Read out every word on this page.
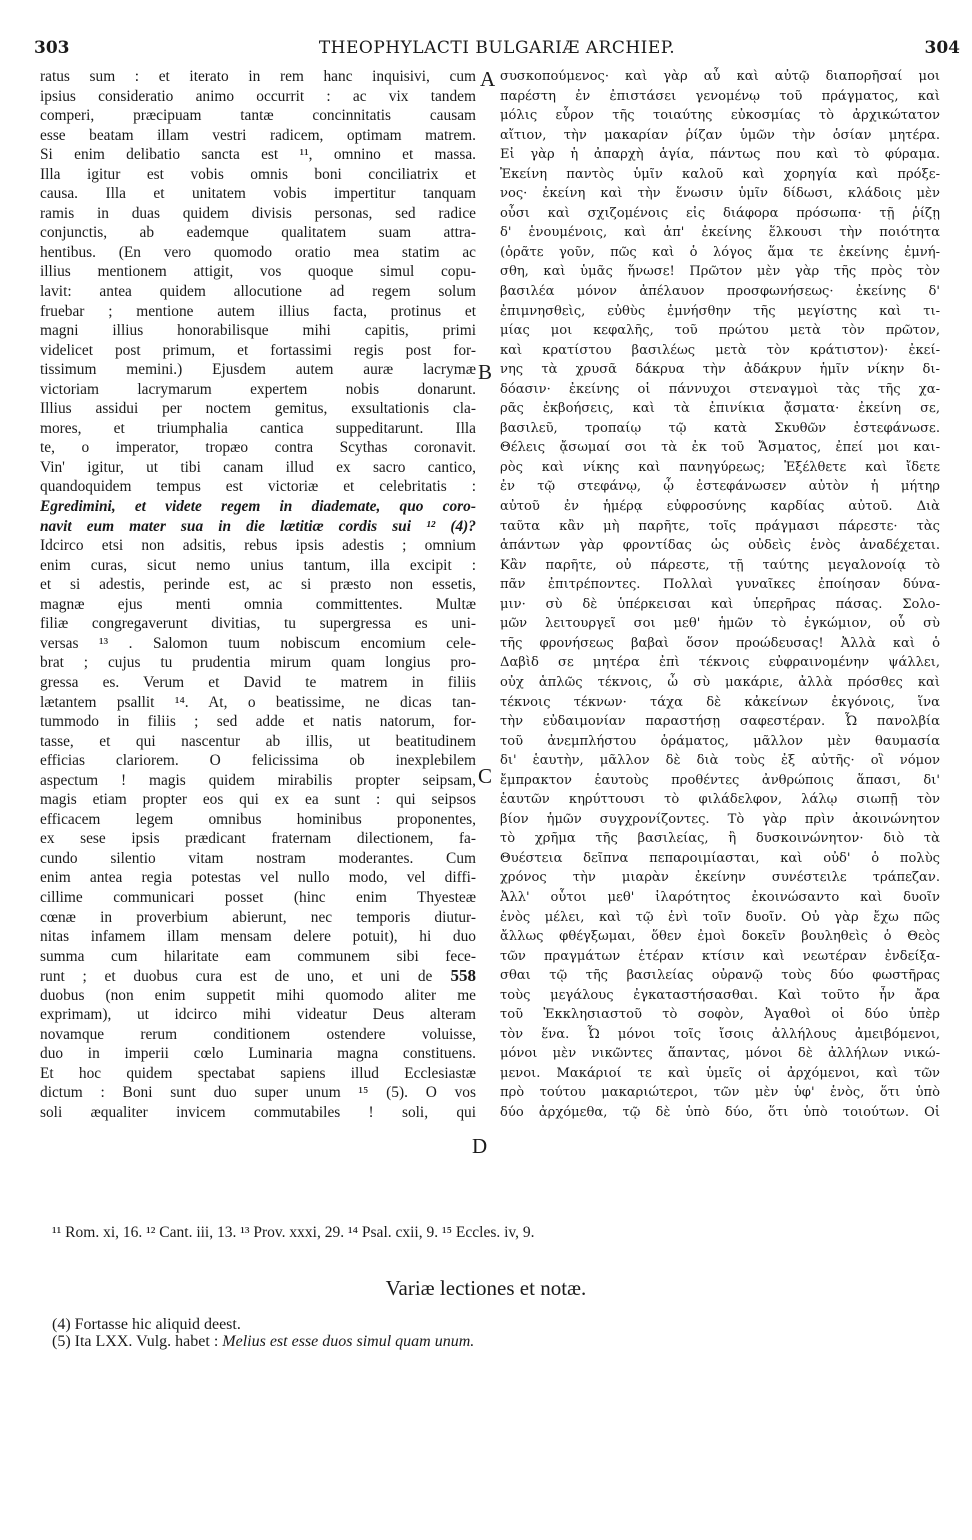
303	THEOPHYLACTI BULGARIÆ ARCHIEP.	304
ratus sum : et iterato in rem hanc inquisivi, cum
ipsius consideratio animo occurrit : ac vix tandem
comperi, præcipuam tantæ concinnitatis causam
esse beatam illam vestri radicem, optimam matrem.
Si enim delibatio sancta est ¹¹, omnino et massa.
Illa igitur est vobis omnis boni conciliatrix et
causa. Illa et unitatem vobis impertitur tanquam
ramis in duas quidem divisis personas, sed radice
conjunctis, ab eademque qualitatem suam attra-
hentibus. (En vero quomodo oratio mea statim ac
illius mentionem attigit, vos quoque simul copu-
lavit: antea quidem allocutione ad regem solum
fruebar ; mentione autem illius facta, protinus et
magni illius honorabilisque mihi capitis, primi
videlicet post primum, et fortassimi regis post for-
tissimum memini.) Ejusdem autem auræ lacrymæ
victoriam lacrymarum expertem nobis donarunt.
Illius assidui per noctem gemitus, exsultationis cla-
mores, et triumphalia cantica suppeditarunt. Illa
te, o imperator, tropæo contra Scythas coronavit.
Vin' igitur, ut tibi canam illud ex sacro cantico,
quandoquidem tempus est victoriæ et celebritatis :
Egredimini, et videte regem in diademate, quo coro-
navit eum mater sua in die lætitiæ cordis sui ¹² (4)?
Idcirco etsi non adsitis, rebus ipsis adestis ; omnium
enim curas, sicut nemo unius tantum, illa excipit :
et si adestis, perinde est, ac si præsto non essetis,
magnæ ejus menti omnia committentes. Multæ
filiæ congregaverunt divitias, tu supergressa es uni-
versas ¹³ . Salomon tuum nobiscum encomium cele-
brat ; cujus tu prudentia mirum quam longius pro-
gressa es. Verum et David te matrem in filiis
lætantem psallit ¹⁴. At, o beatissime, ne dicas tan-
tummodo in filiis ; sed adde et natis natorum, for-
tasse, et qui nascentur ab illis, ut beatitudinem
efficias clariorem. O felicissima ob inexplebilem
aspectum ! magis quidem mirabilis propter seipsam,
magis etiam propter eos qui ex ea sunt : qui seipsos
efficacem legem omnibus hominibus proponentes,
ex sese ipsis prædicant fraternam dilectionem, fa-
cundo silentio vitam nostram moderantes. Cum
enim antea regia potestas vel nullo modo, vel diffi-
cillime communicari posset (hinc enim Thyesteæ
cœnæ in proverbium abierunt, nec temporis diutur-
nitas infamem illam mensam delere potuit), hi duo
summa cum hilaritate eam communem sibi fece-
runt ; et duobus cura est de uno, et uni de 558
duobus (non enim suppetit mihi quomodo aliter me
exprimam), ut idcirco mihi videatur Deus alteram
novamque rerum conditionem ostendere voluisse,
duo in imperii cœlo Luminaria magna constituens.
Et hoc quidem spectabat sapiens illud Ecclesiastæ
dictum : Boni sunt duo super unum ¹⁵ (5). O vos
soli æqualiter invicem commutabiles ! soli, qui
συσκοπούμενος· καὶ γὰρ αὖ καὶ αὐτῷ διαπορῆσαί μοι
παρέστη ἐν ἐπιστάσει γενομένῳ τοῦ πράγματος, καὶ
μόλις εὗρον τῆς τοιαύτης εὐκοσμίας τὸ ἀρχικώτατον
αἴτιον, τὴν μακαρίαν ῥίζαν ὑμῶν τὴν ὁσίαν μητέρα.
Εἰ γὰρ ἡ ἀπαρχὴ ἁγία, πάντως που καὶ τὸ φύραμα.
Ἐκείνη παντὸς ὑμῖν καλοῦ καὶ χορηγία καὶ πρόξε-
νος· ἐκείνη καὶ τὴν ἕνωσιν ὑμῖν δίδωσι, κλάδοις μὲν
οὖσι καὶ σχιζομένοις εἰς διάφορα πρόσωπα· τῇ ῥίζῃ
δ' ἑνουμένοις, καὶ ἀπ' ἐκείνης ἕλκουσι τὴν ποιότητα
(ὁρᾶτε γοῦν, πῶς καὶ ὁ λόγος ἅμα τε ἐκείνης ἐμνή-
σθη, καὶ ὑμᾶς ἥνωσε! Πρῶτον μὲν γὰρ τῆς πρὸς τὸν
βασιλέα μόνον ἀπέλαυον προσφωνήσεως· ἐκείνης δ'
ἐπιμνησθεὶς, εὐθὺς ἐμνήσθην τῆς μεγίστης καὶ τι-
μίας μοι κεφαλῆς, τοῦ πρώτου μετὰ τὸν πρῶτον,
καὶ κρατίστου βασιλέως μετὰ τὸν κράτιστον)· ἐκεί-
νης τὰ χρυσᾶ δάκρυα τὴν ἀδάκρυν ἡμῖν νίκην δι-
δόασιν· ἐκείνης οἱ πάννυχοι στεναγμοὶ τὰς τῆς χα-
ρᾶς ἐκβοήσεις, καὶ τὰ ἐπινίκια ᾄσματα· ἐκείνη σε,
βασιλεῦ, τροπαίῳ τῷ κατὰ Σκυθῶν ἐστεφάνωσε.
Θέλεις ᾄσωμαί σοι τὰ ἐκ τοῦ Ἄσματος, ἐπεί μοι και-
ρὸς καὶ νίκης καὶ πανηγύρεως; Ἐξέλθετε καὶ ἴδετε
ἐν τῷ στεφάνῳ, ᾧ ἐστεφάνωσεν αὐτὸν ἡ μήτηρ
αὐτοῦ ἐν ἡμέρᾳ εὐφροσύνης καρδίας αὐτοῦ. Διὰ
ταῦτα κἂν μὴ παρῆτε, τοῖς πράγμασι πάρεστε· τὰς
ἁπάντων γὰρ φροντίδας ὡς οὐδεὶς ἑνὸς ἀναδέχεται.
Κἂν παρῆτε, οὐ πάρεστε, τῇ ταύτης μεγαλονοίᾳ τὸ
πᾶν ἐπιτρέποντες. Πολλαὶ γυναῖκες ἐποίησαν δύνα-
μιν· σὺ δὲ ὑπέρκεισαι καὶ ὑπερῆρας πάσας. Σολο-
μῶν λειτουργεῖ σοι μεθ' ἡμῶν τὸ ἐγκώμιον, οὗ σὺ
τῆς φρονήσεως βαβαὶ ὅσον προώδευσας! Ἀλλὰ καὶ ὁ
Δαβὶδ σε μητέρα ἐπὶ τέκνοις εὐφραινομένην ψάλλει,
οὐχ ἁπλῶς τέκνοις, ὦ σὺ μακάριε, ἀλλὰ πρόσθες καὶ
τέκνοις τέκνων· τάχα δὲ κἀκείνων ἐκγόνοις, ἵνα
τὴν εὐδαιμονίαν παραστήσῃ σαφεστέραν. Ὦ πανολβία
τοῦ ἀνεμπλήστου ὁράματος, μᾶλλον μὲν θαυμασία
δι' ἑαυτὴν, μᾶλλον δὲ διὰ τοὺς ἐξ αὐτῆς· οἳ νόμον
ἔμπρακτον ἑαυτοὺς προθέντες ἀνθρώποις ἅπασι, δι'
ἑαυτῶν κηρύττουσι τὸ φιλάδελφον, λάλῳ σιωπῇ τὸν
βίον ἡμῶν συγχρονίζοντες. Τὸ γὰρ πρὶν ἀκοινώνητον
τὸ χρῆμα τῆς βασιλείας, ἢ δυσκοινώνητον· διὸ τὰ
Θυέστεια δεῖπνα πεπαροιμίασται, καὶ οὐδ' ὁ πολὺς
χρόνος τὴν μιαρὰν ἐκείνην συνέστειλε τράπεζαν.
Ἀλλ' οὗτοι μεθ' ἱλαρότητος ἐκοινώσαντο καὶ δυοῖν
ἑνὸς μέλει, καὶ τῷ ἑνὶ τοῖν δυοῖν. Οὐ γὰρ ἔχω πῶς
ἄλλως φθέγξωμαι, ὅθεν ἐμοὶ δοκεῖν βουληθεὶς ὁ Θεὸς
τῶν πραγμάτων ἑτέραν κτίσιν καὶ νεωτέραν ἐνδείξα-
σθαι τῷ τῆς βασιλείας οὐρανῷ τοὺς δύο φωστῆρας
τοὺς μεγάλους ἐγκαταστήσασθαι. Καὶ τοῦτο ἦν ἄρα
τοῦ Ἐκκλησιαστοῦ τὸ σοφὸν, Ἀγαθοὶ οἱ δύο ὑπὲρ
τὸν ἕνα. Ὦ μόνοι τοῖς ἴσοις ἀλλήλους ἀμειβόμενοι,
μόνοι μὲν νικῶντες ἅπαντας, μόνοι δὲ ἀλλήλων νικώ-
μενοι. Μακάριοί τε καὶ ὑμεῖς οἱ ἀρχόμενοι, καὶ τῶν
πρὸ τούτου μακαριώτεροι, τῶν μὲν ὑφ' ἑνὸς, ὅτι ὑπὸ
δύο ἀρχόμεθα, τῷ δὲ ὑπὸ δύο, ὅτι ὑπὸ τοιούτων. Οἱ
A
B
C
D
¹¹ Rom. xi, 16. ¹² Cant. iii, 13. ¹³ Prov. xxxi, 29. ¹⁴ Psal. cxii, 9. ¹⁵ Eccles. iv, 9.
Variæ lectiones et notæ.
(4) Fortasse hic aliquid deest.
(5) Ita LXX. Vulg. habet : Melius est esse duos simul quam unum.
